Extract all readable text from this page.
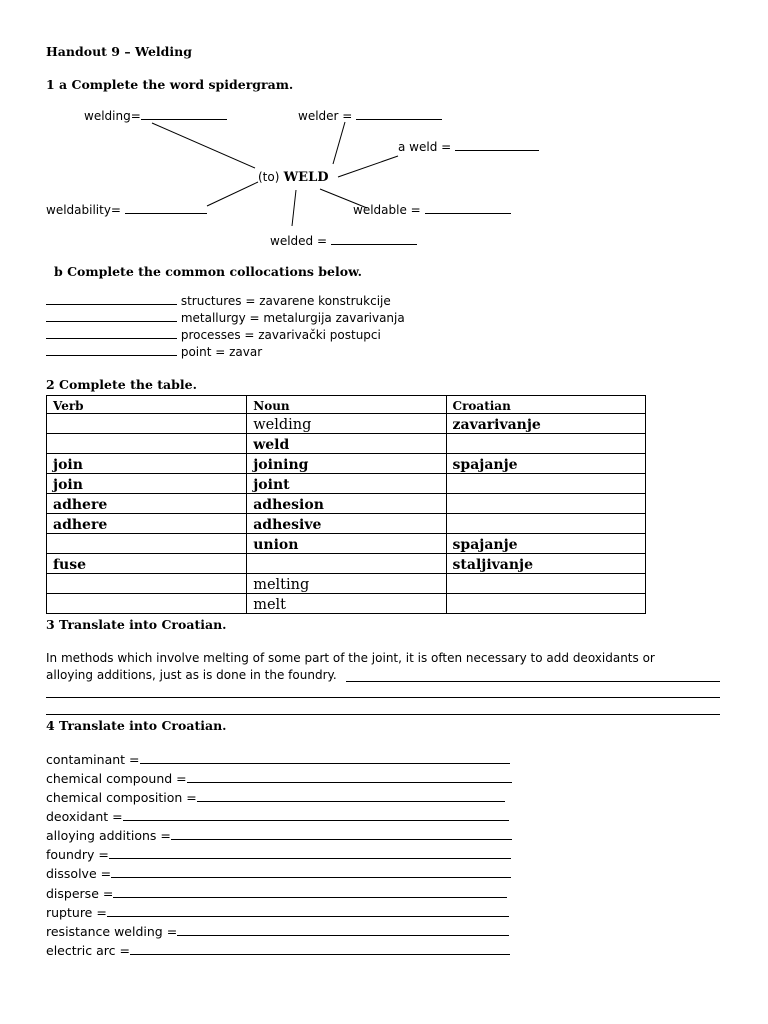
Handout 9 – Welding
1 a Complete the word spidergram.
welding=	welder =
a weld =
(to) WELD
weldability=	weldable =
welded =
b Complete the common collocations below.
structures = zavarene konstrukcije
metallurgy = metalurgija zavarivanja
processes = zavarivački postupci
point = zavar
2 Complete the table.
Verb	Noun	Croatian
	welding	zavarivanje
	weld	
join	joining	spajanje
join	joint	
adhere	adhesion	
adhere	adhesive	
	union	spajanje
fuse		staljivanje
	melting	
	melt	
3 Translate into Croatian.
In methods which involve melting of some part of the joint, it is often necessary to add deoxidants or
alloying additions, just as is done in the foundry.
4 Translate into Croatian.
contaminant =
chemical compound =
chemical composition =
deoxidant =
alloying additions =
foundry =
dissolve =
disperse =
rupture =
resistance welding =
electric arc =
